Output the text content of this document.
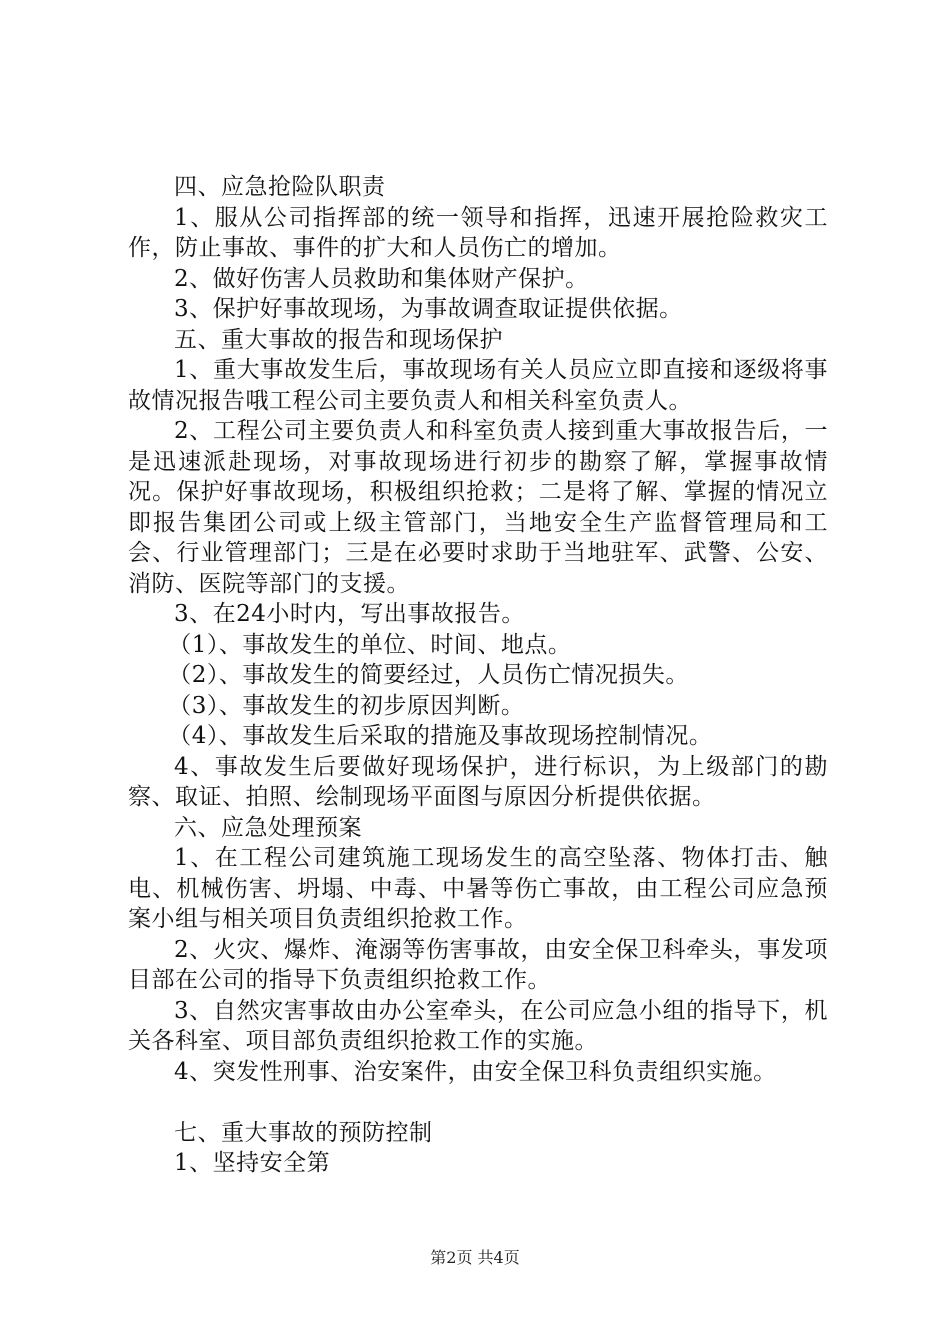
四、应急抢险队职责

1、服从公司指挥部的统一领导和指挥，迅速开展抢险救灾工作，防止事故、事件的扩大和人员伤亡的增加。

2、做好伤害人员救助和集体财产保护。

3、保护好事故现场，为事故调查取证提供依据。

五、重大事故的报告和现场保护

1、重大事故发生后，事故现场有关人员应立即直接和逐级将事故情况报告哦工程公司主要负责人和相关科室负责人。

2、工程公司主要负责人和科室负责人接到重大事故报告后，一是迅速派赴现场，对事故现场进行初步的勘察了解，掌握事故情况。保护好事故现场，积极组织抢救；二是将了解、掌握的情况立即报告集团公司或上级主管部门，当地安全生产监督管理局和工会、行业管理部门；三是在必要时求助于当地驻军、武警、公安、消防、医院等部门的支援。

3、在24小时内，写出事故报告。

（1）、事故发生的单位、时间、地点。

（2）、事故发生的简要经过，人员伤亡情况损失。

（3）、事故发生的初步原因判断。

（4）、事故发生后采取的措施及事故现场控制情况。

4、事故发生后要做好现场保护，进行标识，为上级部门的勘察、取证、拍照、绘制现场平面图与原因分析提供依据。

六、应急处理预案

1、在工程公司建筑施工现场发生的高空坠落、物体打击、触电、机械伤害、坍塌、中毒、中暑等伤亡事故，由工程公司应急预案小组与相关项目负责组织抢救工作。

2、火灾、爆炸、淹溺等伤害事故，由安全保卫科牵头，事发项目部在公司的指导下负责组织抢救工作。

3、自然灾害事故由办公室牵头，在公司应急小组的指导下，机关各科室、项目部负责组织抢救工作的实施。

4、突发性刑事、治安案件，由安全保卫科负责组织实施。

七、重大事故的预防控制

1、坚持安全第

第2页 共4页
